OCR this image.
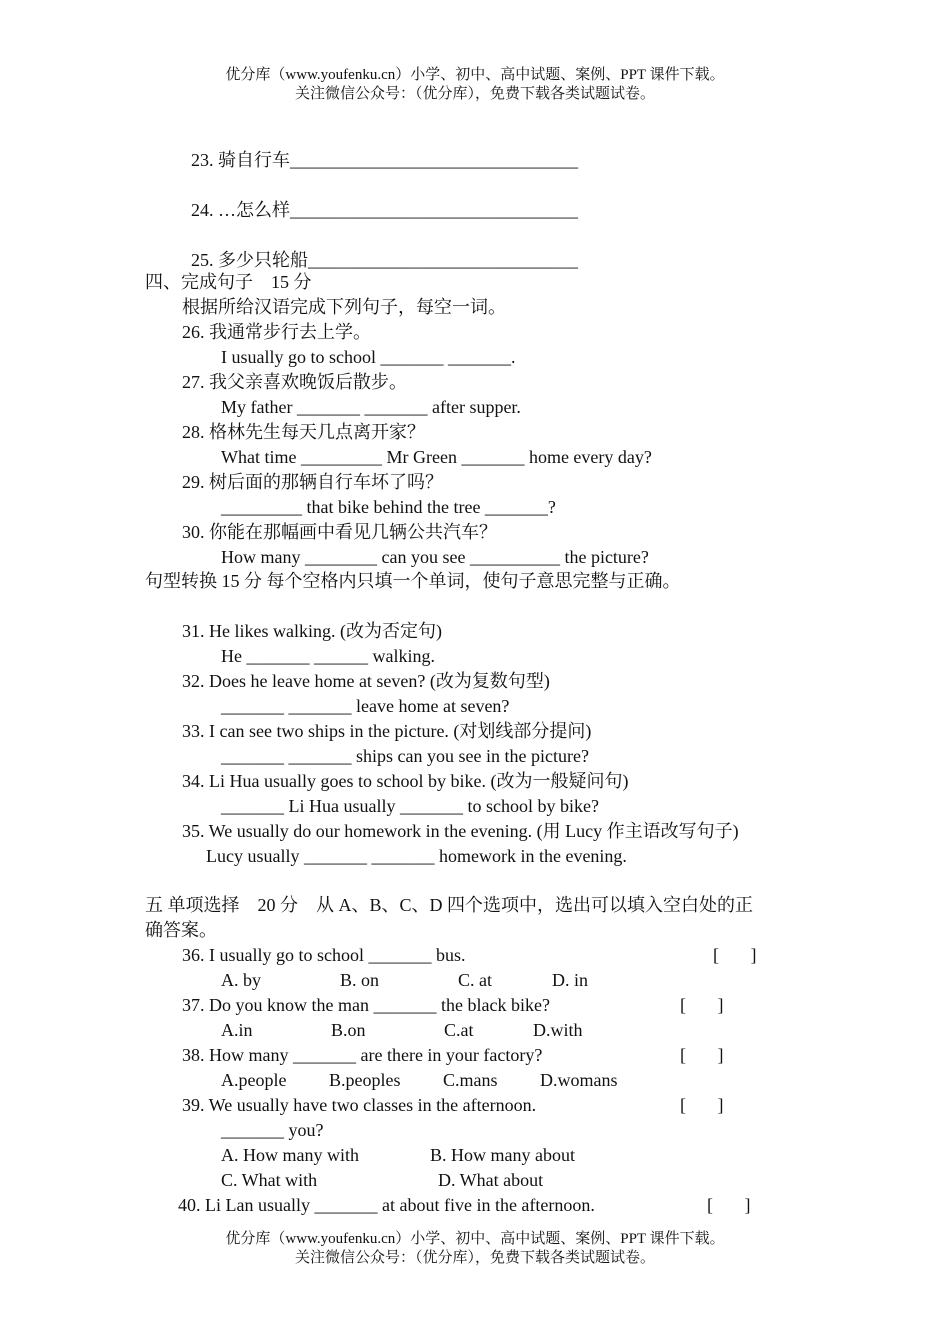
优分库（www.youfenku.cn）小学、初中、高中试题、案例、PPT 课件下载。
关注微信公众号：（优分库），免费下载各类试题试卷。

23. 骑自行车________________________________

24. …怎么样________________________________

25. 多少只轮船______________________________

四、完成句子    15 分
根据所给汉语完成下列句子，每空一词。
26. 我通常步行去上学。
I usually go to school _______ _______.
27. 我父亲喜欢晚饭后散步。
My father _______ _______ after supper.
28. 格林先生每天几点离开家？
What time _________ Mr Green _______ home every day?
29. 树后面的那辆自行车坏了吗？
_________ that bike behind the tree _______?
30. 你能在那幅画中看见几辆公共汽车？
How many ________ can you see __________ the picture?
句型转换 15 分 每个空格内只填一个单词，使句子意思完整与正确。
31. He likes walking. (改为否定句)
He _______ ______ walking.
32. Does he leave home at seven? (改为复数句型)
_______ _______ leave home at seven?
33. I can see two ships in the picture. (对划线部分提问)
_______ _______ ships can you see in the picture?
34. Li Hua usually goes to school by bike. (改为一般疑问句)
_______ Li Hua usually _______ to school by bike?
35. We usually do our homework in the evening. (用 Lucy 作主语改写句子)
Lucy usually _______ _______ homework in the evening.
五 单项选择    20 分    从 A、B、C、D 四个选项中，选出可以填入空白处的正
确答案。
36. I usually go to school _______ bus.	[       ]
A. by	B. on	C. at	D. in
37. Do you know the man _______ the black bike?	[       ]
A.in	B.on	C.at	D.with
38. How many _______ are there in your factory?	[       ]
A.people B.peoples C.mans D.womans
39. We usually have two classes in the afternoon.	[       ]
_______ you?
A. How many with	B. How many about
C. What with	D. What about
40. Li Lan usually _______ at about five in the afternoon.	[       ]
优分库（www.youfenku.cn）小学、初中、高中试题、案例、PPT 课件下载。
关注微信公众号：（优分库），免费下载各类试题试卷。
